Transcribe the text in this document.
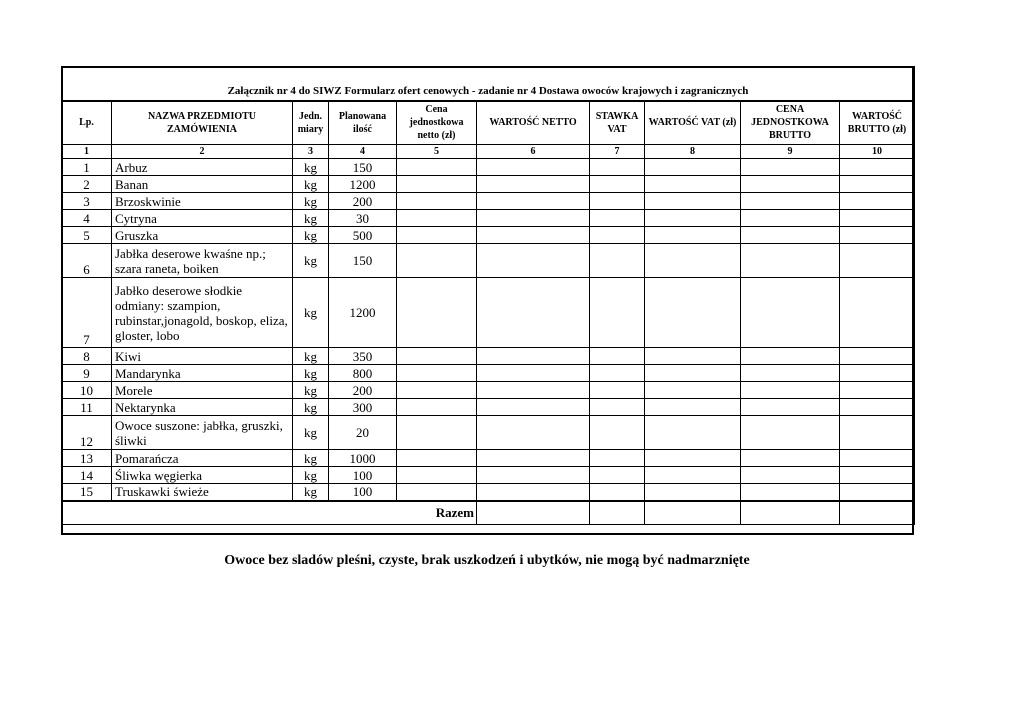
Załącznik nr 4 do SIWZ Formularz ofert cenowych - zadanie nr 4 Dostawa owoców krajowych i zagranicznych									
Lp.	NAZWA PRZEDMIOTU ZAMÓWIENIA	Jedn. miary	Planowana ilość	Cena jednostkowa netto (zł)	WARTOŚĆ NETTO	STAWKA VAT	WARTOŚĆ VAT (zł)	CENA JEDNOSTKOWA BRUTTO	WARTOŚĆ BRUTTO (zł)
1	2	3	4	5	6	7	8	9	10
1	Arbuz	kg	150						
2	Banan	kg	1200						
3	Brzoskwinie	kg	200						
4	Cytryna	kg	30						
5	Gruszka	kg	500						
6	Jabłka deserowe kwaśne np.; szara raneta, boiken	kg	150						
7	Jabłko deserowe słodkie odmiany: szampion, rubinstar,jonagold, boskop, eliza, gloster, lobo	kg	1200						
8	Kiwi	kg	350						
9	Mandarynka	kg	800						
10	Morele	kg	200						
11	Nektarynka	kg	300						
12	Owoce suszone: jabłka, gruszki, śliwki	kg	20						
13	Pomarańcza	kg	1000						
14	Śliwka węgierka	kg	100						
15	Truskawki świeże	kg	100						
Razem									
Owoce bez sladów pleśni, czyste, brak uszkodzeń i ubytków, nie mogą być nadmarznięte
